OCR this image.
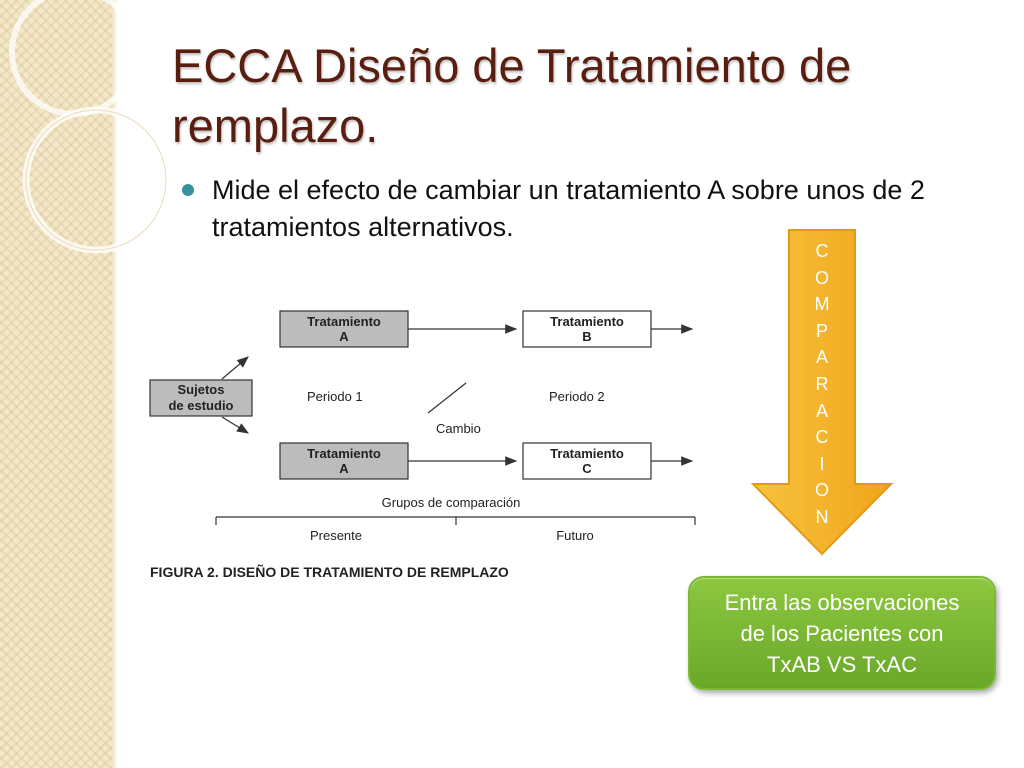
ECCA Diseño de Tratamiento de remplazo.
Mide el efecto de cambiar un tratamiento A sobre unos de 2 tratamientos alternativos.
Tratamiento
A
Tratamiento
B
Sujetos
de estudio
Periodo 1	Periodo 2
Cambio
Tratamiento
A
Tratamiento
C
Grupos de comparación
Presente	Futuro
FIGURA 2. DISEÑO DE TRATAMIENTO DE REMPLAZO
C
O
M
P
A
R
A
C
I
O
N
Entra las observaciones
de los Pacientes con
TxAB VS TxAC
